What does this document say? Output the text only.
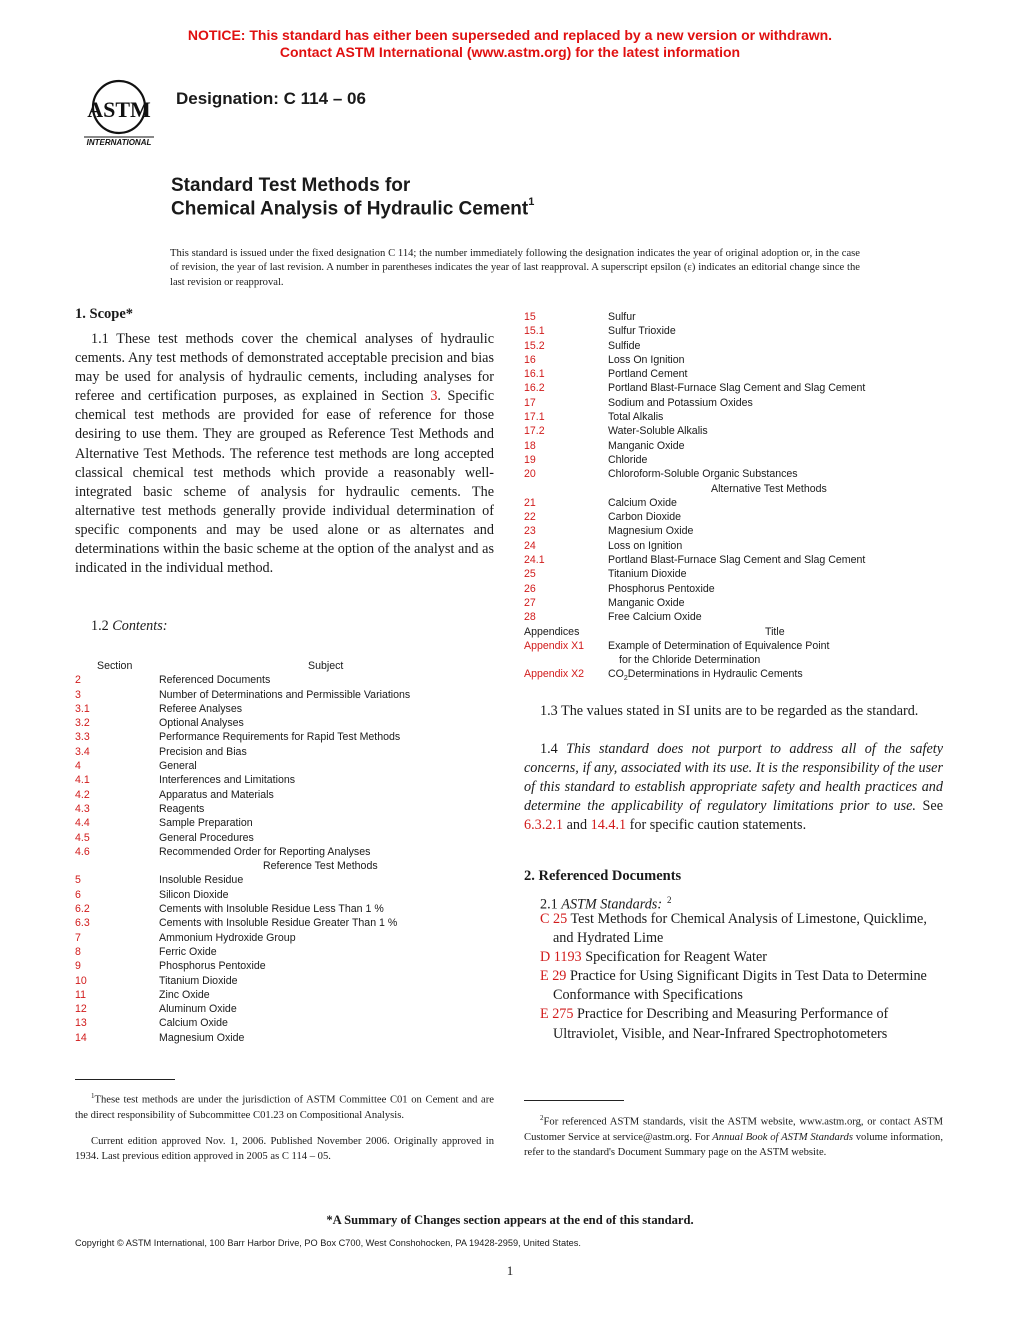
NOTICE: This standard has either been superseded and replaced by a new version or withdrawn.
Contact ASTM International (www.astm.org) for the latest information
ASTM
INTERNATIONAL
Designation: C 114 – 06
Standard Test Methods for
Chemical Analysis of Hydraulic Cement$^1$
This standard is issued under the fixed designation C 114; the number immediately following the designation indicates the year of original adoption or, in the case of revision, the year of last revision. A number in parentheses indicates the year of last reapproval. A superscript epsilon (ε) indicates an editorial change since the last revision or reapproval.
1. Scope*
1.1 These test methods cover the chemical analyses of hydraulic cements. Any test methods of demonstrated acceptable precision and bias may be used for analysis of hydraulic cements, including analyses for referee and certification purposes, as explained in Section 3. Specific chemical test methods are provided for ease of reference for those desiring to use them. They are grouped as Reference Test Methods and Alternative Test Methods. The reference test methods are long accepted classical chemical test methods which provide a reasonably well-integrated basic scheme of analysis for hydraulic cements. The alternative test methods generally provide individual determination of specific components and may be used alone or as alternates and determinations within the basic scheme at the option of the analyst and as indicated in the individual method.
1.2 Contents:
Section	Subject
2	Referenced Documents
3	Number of Determinations and Permissible Variations
3.1	Referee Analyses
3.2	Optional Analyses
3.3	Performance Requirements for Rapid Test Methods
3.4	Precision and Bias
4	General
4.1	Interferences and Limitations
4.2	Apparatus and Materials
4.3	Reagents
4.4	Sample Preparation
4.5	General Procedures
4.6	Recommended Order for Reporting Analyses
Reference Test Methods
5	Insoluble Residue
6	Silicon Dioxide
6.2	Cements with Insoluble Residue Less Than 1 %
6.3	Cements with Insoluble Residue Greater Than 1 %
7	Ammonium Hydroxide Group
8	Ferric Oxide
9	Phosphorus Pentoxide
10	Titanium Dioxide
11	Zinc Oxide
12	Aluminum Oxide
13	Calcium Oxide
14	Magnesium Oxide
$^1$These test methods are under the jurisdiction of ASTM Committee C01 on Cement and are the direct responsibility of Subcommittee C01.23 on Compositional Analysis.
Current edition approved Nov. 1, 2006. Published November 2006. Originally approved in 1934. Last previous edition approved in 2005 as C 114 – 05.
15	Sulfur
15.1	Sulfur Trioxide
15.2	Sulfide
16	Loss On Ignition
16.1	Portland Cement
16.2	Portland Blast-Furnace Slag Cement and Slag Cement
17	Sodium and Potassium Oxides
17.1	Total Alkalis
17.2	Water-Soluble Alkalis
18	Manganic Oxide
19	Chloride
20	Chloroform-Soluble Organic Substances
Alternative Test Methods
21	Calcium Oxide
22	Carbon Dioxide
23	Magnesium Oxide
24	Loss on Ignition
24.1	Portland Blast-Furnace Slag Cement and Slag Cement
25	Titanium Dioxide
26	Phosphorus Pentoxide
27	Manganic Oxide
28	Free Calcium Oxide
Appendices	Title
Appendix X1 Example of Determination of Equivalence Point
for the Chloride Determination
Appendix X2 $CO_2Determinations$ in Hydraulic Cements
1.3 The values stated in SI units are to be regarded as the standard.
1.4 This standard does not purport to address all of the safety concerns, if any, associated with its use. It is the responsibility of the user of this standard to establish appropriate safety and health practices and determine the applicability of regulatory limitations prior to use. See 6.3.2.1 and 14.4.1 for specific caution statements.
2. Referenced Documents
2.1 ASTM Standards: $^2$
C 25 Test Methods for Chemical Analysis of Limestone, Quicklime, and Hydrated Lime
D 1193 Specification for Reagent Water
E 29 Practice for Using Significant Digits in Test Data to Determine Conformance with Specifications
E 275 Practice for Describing and Measuring Performance of Ultraviolet, Visible, and Near-Infrared Spectrophotometers
$^2$For referenced ASTM standards, visit the ASTM website, www.astm.org, or contact ASTM Customer Service at service@astm.org. For Annual Book of ASTM Standards volume information, refer to the standard's Document Summary page on the ASTM website.
*A Summary of Changes section appears at the end of this standard.
Copyright © ASTM International, 100 Barr Harbor Drive, PO Box C700, West Conshohocken, PA 19428-2959, United States.
1
